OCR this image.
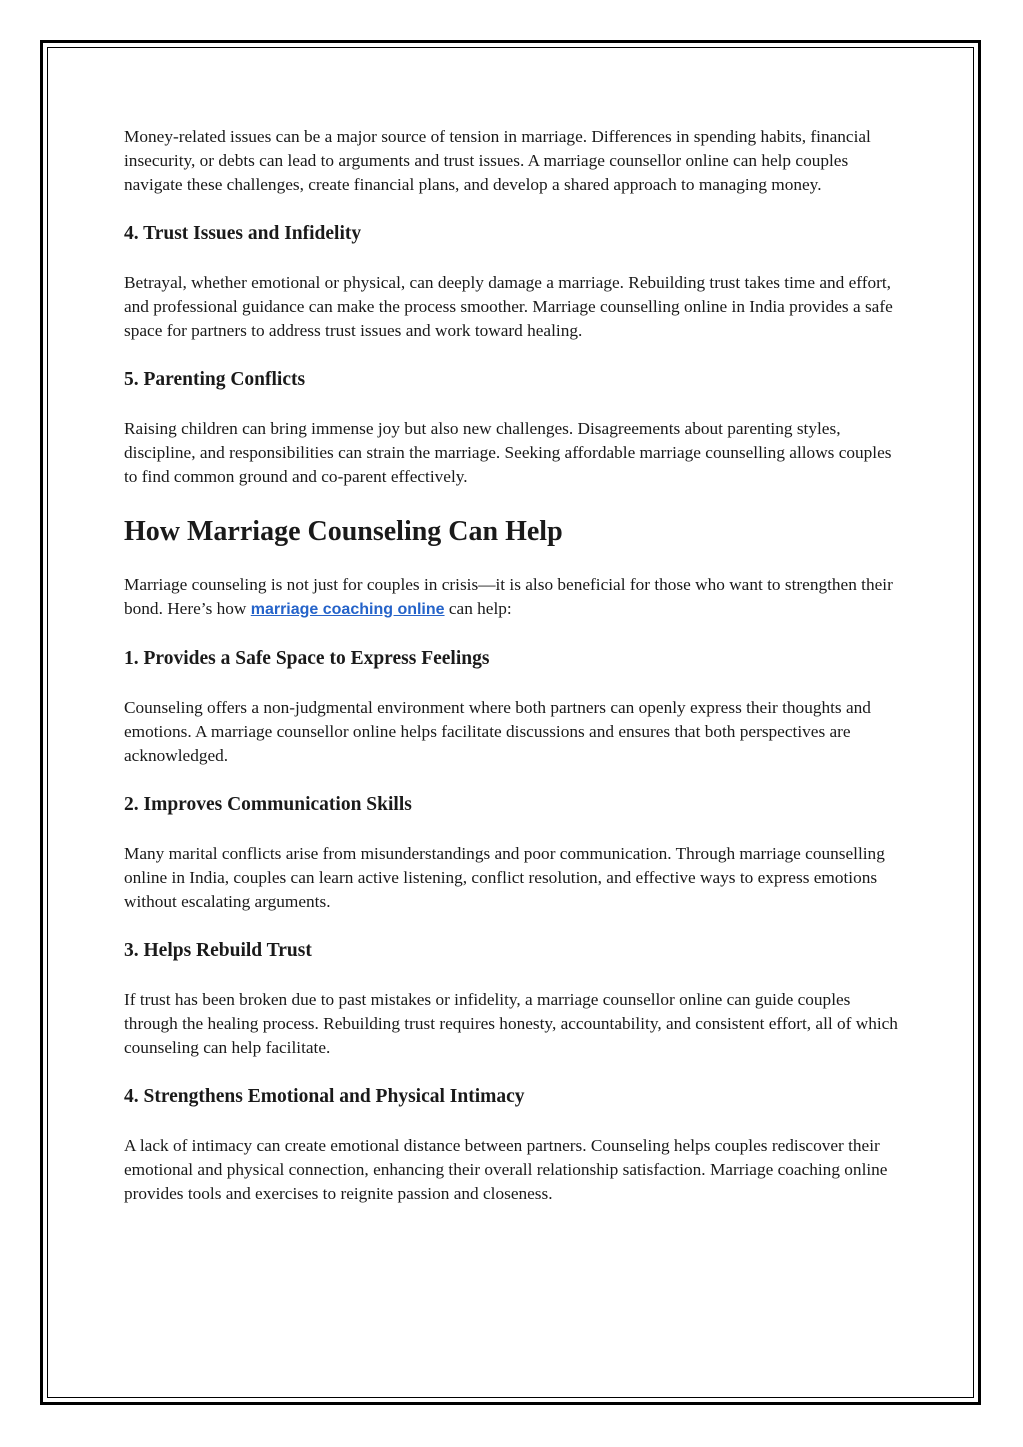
Money-related issues can be a major source of tension in marriage. Differences in spending habits, financial insecurity, or debts can lead to arguments and trust issues. A marriage counsellor online can help couples navigate these challenges, create financial plans, and develop a shared approach to managing money.

4. Trust Issues and Infidelity

Betrayal, whether emotional or physical, can deeply damage a marriage. Rebuilding trust takes time and effort, and professional guidance can make the process smoother. Marriage counselling online in India provides a safe space for partners to address trust issues and work toward healing.

5. Parenting Conflicts

Raising children can bring immense joy but also new challenges. Disagreements about parenting styles, discipline, and responsibilities can strain the marriage. Seeking affordable marriage counselling allows couples to find common ground and co-parent effectively.

How Marriage Counseling Can Help

Marriage counseling is not just for couples in crisis—it is also beneficial for those who want to strengthen their bond. Here’s how marriage coaching online can help:

1. Provides a Safe Space to Express Feelings

Counseling offers a non-judgmental environment where both partners can openly express their thoughts and emotions. A marriage counsellor online helps facilitate discussions and ensures that both perspectives are acknowledged.

2. Improves Communication Skills

Many marital conflicts arise from misunderstandings and poor communication. Through marriage counselling online in India, couples can learn active listening, conflict resolution, and effective ways to express emotions without escalating arguments.

3. Helps Rebuild Trust

If trust has been broken due to past mistakes or infidelity, a marriage counsellor online can guide couples through the healing process. Rebuilding trust requires honesty, accountability, and consistent effort, all of which counseling can help facilitate.

4. Strengthens Emotional and Physical Intimacy

A lack of intimacy can create emotional distance between partners. Counseling helps couples rediscover their emotional and physical connection, enhancing their overall relationship satisfaction. Marriage coaching online provides tools and exercises to reignite passion and closeness.
